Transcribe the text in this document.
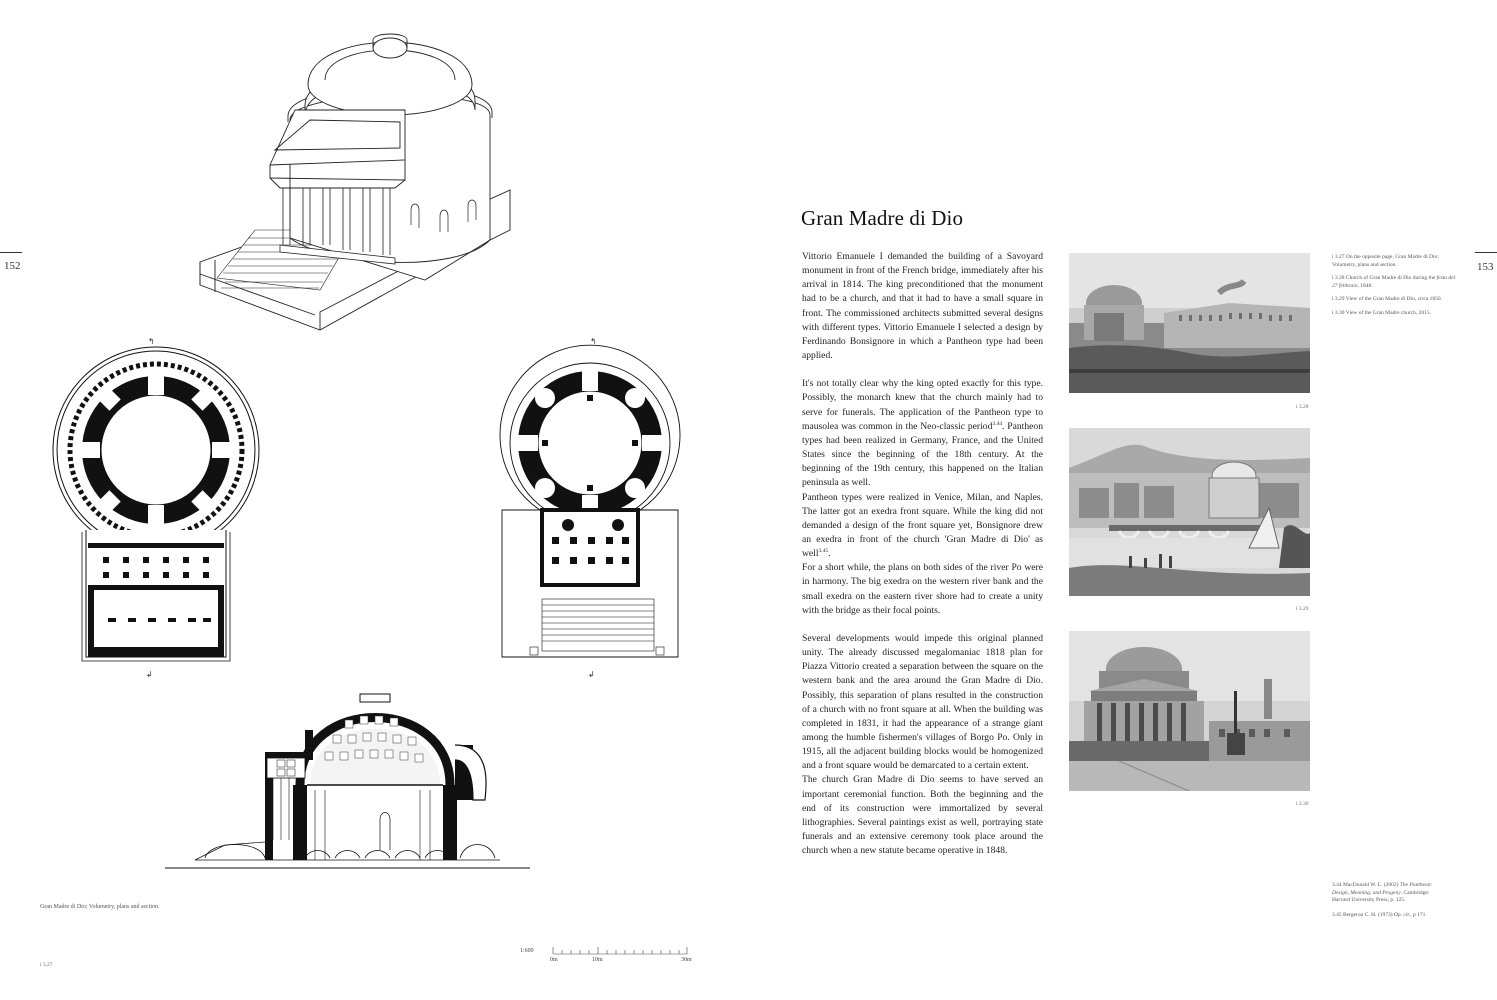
152
↰
↲
↰
↲
Gran Madre di Dio; Volumetry, plans and section.
i 3.27
1:600
0m	10m	30m
153
Gran Madre di Dio

Vittorio Emanuele I demanded the building of a Savoyard monument in front of the French bridge, immediately after his arrival in 1814. The king preconditioned that the monument had to be a church, and that it had to have a small square in front. The commissioned architects submitted several designs with different types. Vittorio Emanuele I selected a design by Ferdinando Bonsignore in which a Pantheon type had been applied.

It's not totally clear why the king opted exactly for this type. Possibly, the monarch knew that the church mainly had to serve for funerals. The application of the Pantheon type to mausolea was common in the Neo-classic period$^{3.44}$. Pantheon types had been realized in Germany, France, and the United States since the beginning of the 18th century. At the beginning of the 19th century, this happened on the Italian peninsula as well.

Pantheon types were realized in Venice, Milan, and Naples. The latter got an exedra front square. While the king did not demanded a design of the front square yet, Bonsignore drew an exedra in front of the church 'Gran Madre di Dio' as well$^{3.45}$.

For a short while, the plans on both sides of the river Po were in harmony. The big exedra on the western river bank and the small exedra on the eastern river shore had to create a unity with the bridge as their focal points.

Several developments would impede this original planned unity. The already discussed megalomaniac 1818 plan for Piazza Vittorio created a separation between the square on the western bank and the area around the Gran Madre di Dio. Possibly, this separation of plans resulted in the construction of a church with no front square at all. When the building was completed in 1831, it had the appearance of a strange giant among the humble fishermen's villages of Borgo Po. Only in 1915, all the adjacent building blocks would be homogenized and a front square would be demarcated to a certain extent.

The church Gran Madre di Dio seems to have served an important ceremonial function. Both the beginning and the end of its construction were immortalized by several lithographies. Several paintings exist as well, portraying state funerals and an extensive ceremony took place around the church when a new statute became operative in 1848.

i 3.28
i 3.29
i 3.30
i 3.27 On the opposite page, Gran Madre di Dio; Volumetry, plans and section.
i 3.28 Church of Gran Madre di Dio during the festa del 27 febbraio, 1848.
i 3.29 View of the Gran Madre di Dio, circa 1850.
i 3.30 View of the Gran Madre church, 2015.
3.44 MacDonald W. L. (2002) The Pantheon: Design, Meaning, and Progeny. Cambridge: Harvard University Press, p. 125.
3.45 Bergeron C. H. (1973) Op. cit., p 171.
